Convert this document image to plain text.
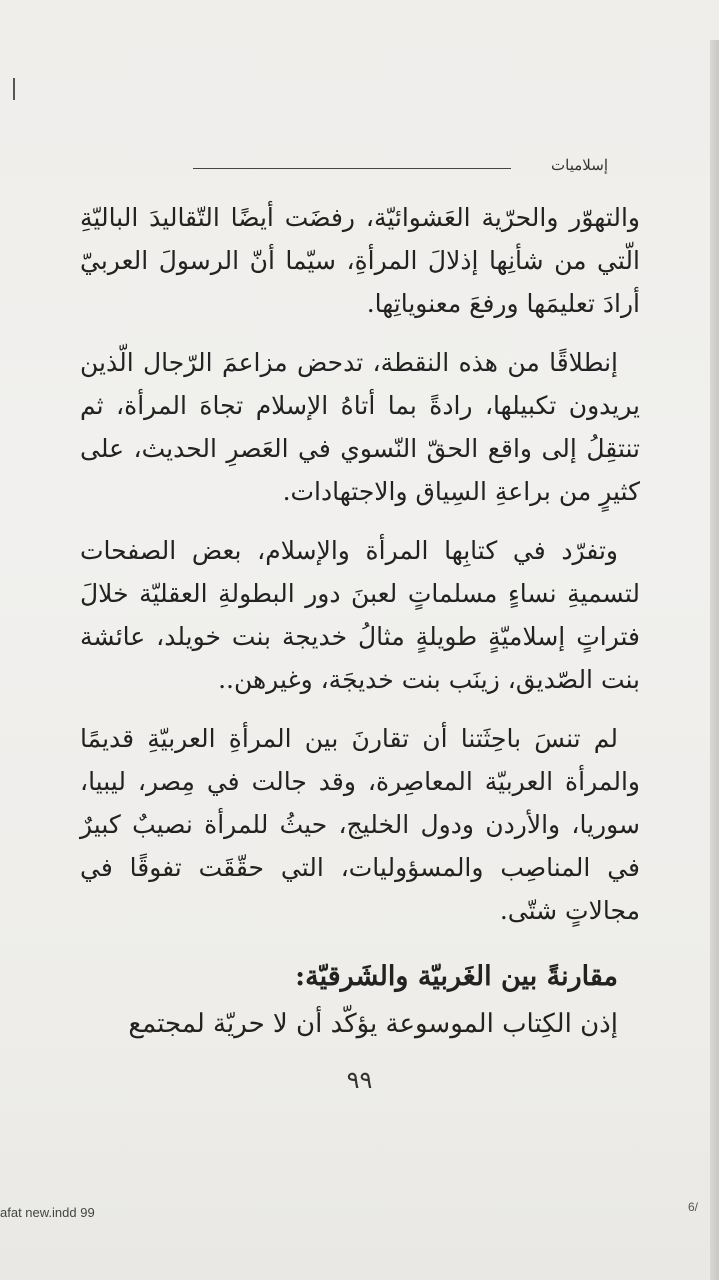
إسلاميات

والتهوّر والحرّية العَشوائيّة، رفضَت أيضًا التّقاليدَ الباليّةِ الّتي من شأنِها إذلالَ المرأةِ، سيّما أنّ الرسولَ العربيّ أرادَ تعليمَها ورفعَ معنوياتِها.

إنطلاقًا من هذه النقطة، تدحض مزاعمَ الرّجال الّذين يريدون تكبيلها، رادةً بما أتاهُ الإسلام تجاهَ المرأة، ثم تنتقِلُ إلى واقع الحقّ النّسوي في العَصرِ الحديث، على كثيرٍ من براعةِ السِياق والاجتهادات.

وتفرّد في كتابِها المرأة والإسلام، بعض الصفحات لتسميةِ نساءٍ مسلماتٍ لعبنَ دور البطولةِ العقليّة خلالَ فتراتٍ إسلاميّةٍ طويلةٍ مثالُ خديجة بنت خويلد، عائشة بنت الصّديق، زينَب بنت خديجَة، وغيرهن..

لم تنسَ باحِثَتنا أن تقارنَ بين المرأةِ العربيّةِ قديمًا والمرأة العربيّة المعاصِرة، وقد جالت في مِصر، ليبيا، سوريا، والأردن ودول الخليج، حيثُ للمرأة نصيبٌ كبيرٌ في المناصِب والمسؤوليات، التي حقّقَت تفوقًا في مجالاتٍ شتّى.

مقارنةً بين الغَربيّة والشَرقيّة:

إذن الكِتاب الموسوعة يؤكّد أن لا حريّة لمجتمع

٩٩
afat new.indd 99	6/
